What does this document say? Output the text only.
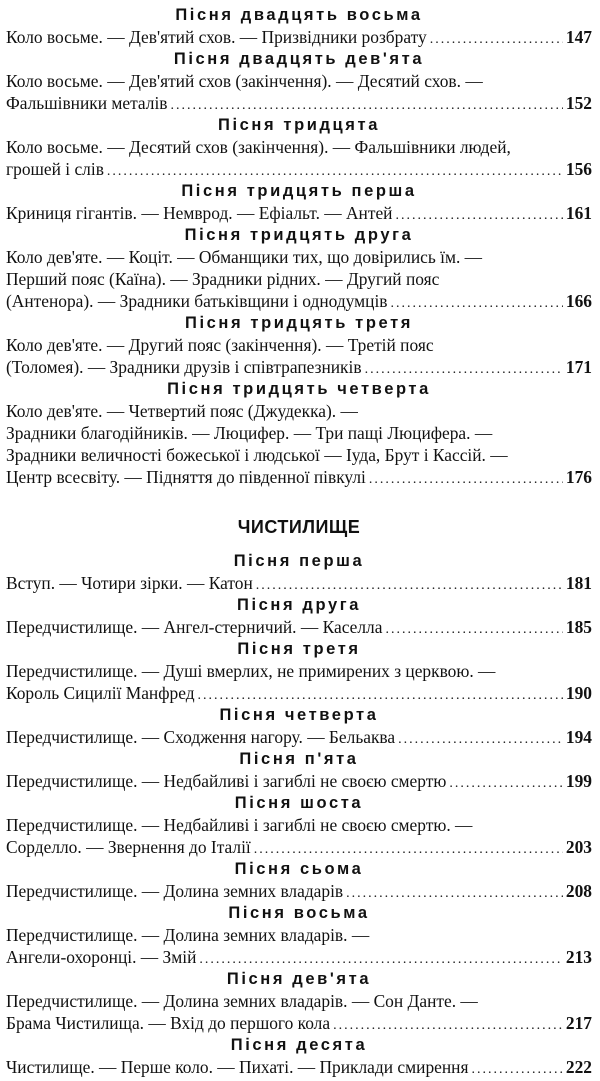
Пісня двадцять восьма
Коло восьме. — Дев'ятий схов. — Призвідники розбрату .....	147
Пісня двадцять дев'ята
Коло восьме. — Дев'ятий схов (закінчення). — Десятий схов. —
Фальшівники металів .....	152
Пісня тридцята
Коло восьме. — Десятий схов (закінчення). — Фальшівники людей,
грошей і слів .....	156
Пісня тридцять перша
Криниця гігантів. — Немврод. — Ефіальт. — Антей .....	161
Пісня тридцять друга
Коло дев'яте. — Коціт. — Обманщики тих, що довірились їм. —
Перший пояс (Каїна). — Зрадники рідних. — Другий пояс
(Антенора). — Зрадники батьківщини і однодумців .....	166
Пісня тридцять третя
Коло дев'яте. — Другий пояс (закінчення). — Третій пояс
(Толомея). — Зрадники друзів і співтрапезників .....	171
Пісня тридцять четверта
Коло дев'яте. — Четвертий пояс (Джудекка). —
Зрадники благодійників. — Люцифер. — Три пащі Люцифера. —
Зрадники величності божеської і людської — Іуда, Брут і Кассій. —
Центр всесвіту. — Підняття до південної півкулі .....	176
ЧИСТИЛИЩЕ
Пісня перша
Вступ. — Чотири зірки. — Катон .....	181
Пісня друга
Передчистилище. — Ангел-стерничий. — Каселла .....	185
Пісня третя
Передчистилище. — Душі вмерлих, не примирених з церквою. —
Король Сицилії Манфред .....	190
Пісня четверта
Передчистилище. — Сходження нагору. — Бельаква .....	194
Пісня п'ята
Передчистилище. — Недбайливі і загиблі не своєю смертю .....	199
Пісня шоста
Передчистилище. — Недбайливі і загиблі не своєю смертю. —
Сорделло. — Звернення до Італії .....	203
Пісня сьома
Передчистилище. — Долина земних владарів .....	208
Пісня восьма
Передчистилище. — Долина земних владарів. —
Ангели-охоронці. — Змій .....	213
Пісня дев'ята
Передчистилище. — Долина земних владарів. — Сон Данте. —
Брама Чистилища. — Вхід до першого кола .....	217
Пісня десята
Чистилище. — Перше коло. — Пихаті. — Приклади смирення .....	222
